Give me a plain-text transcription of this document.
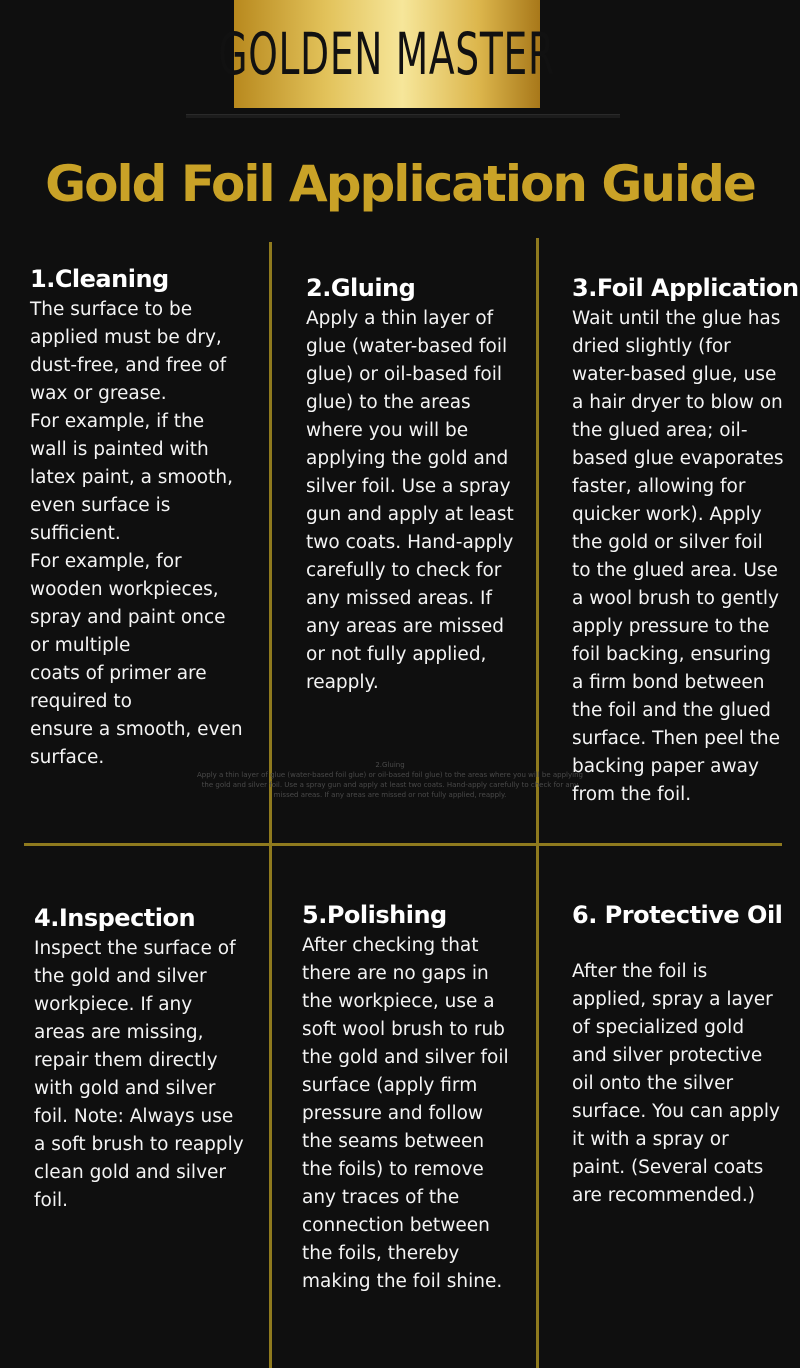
GOLDEN MASTER
Gold Foil Application Guide
2.Gluing
Apply a thin layer of glue (water-based foil glue) or oil-based foil glue) to the areas where you will be applying
the gold and silver foil. Use a spray gun and apply at least two coats. Hand-apply carefully to check for any
missed areas. If any areas are missed or not fully applied, reapply.
1.Cleaning

The surface to be
applied must be dry,
dust-free, and free of
wax or grease.
For example, if the
wall is painted with
latex paint, a smooth,
even surface is
sufficient.
For example, for
wooden workpieces,
spray and paint once
or multiple
coats of primer are
required to
ensure a smooth, even
surface.

2.Gluing

Apply a thin layer of
glue (water-based foil
glue) or oil-based foil
glue) to the areas
where you will be
applying the gold and
silver foil. Use a spray
gun and apply at least
two coats. Hand-apply
carefully to check for
any missed areas. If
any areas are missed
or not fully applied,
reapply.

3.Foil Application

Wait until the glue has
dried slightly (for
water-based glue, use
a hair dryer to blow on
the glued area; oil-
based glue evaporates
faster, allowing for
quicker work). Apply
the gold or silver foil
to the glued area. Use
a wool brush to gently
apply pressure to the
foil backing, ensuring
a firm bond between
the foil and the glued
surface. Then peel the
backing paper away
from the foil.

4.Inspection

Inspect the surface of
the gold and silver
workpiece. If any
areas are missing,
repair them directly
with gold and silver
foil. Note: Always use
a soft brush to reapply
clean gold and silver
foil.

5.Polishing

After checking that
there are no gaps in
the workpiece, use a
soft wool brush to rub
the gold and silver foil
surface (apply firm
pressure and follow
the seams between
the foils) to remove
any traces of the
connection between
the foils, thereby
making the foil shine.

6. Protective Oil

After the foil is
applied, spray a layer
of specialized gold
and silver protective
oil onto the silver
surface. You can apply
it with a spray or
paint. (Several coats
are recommended.)
